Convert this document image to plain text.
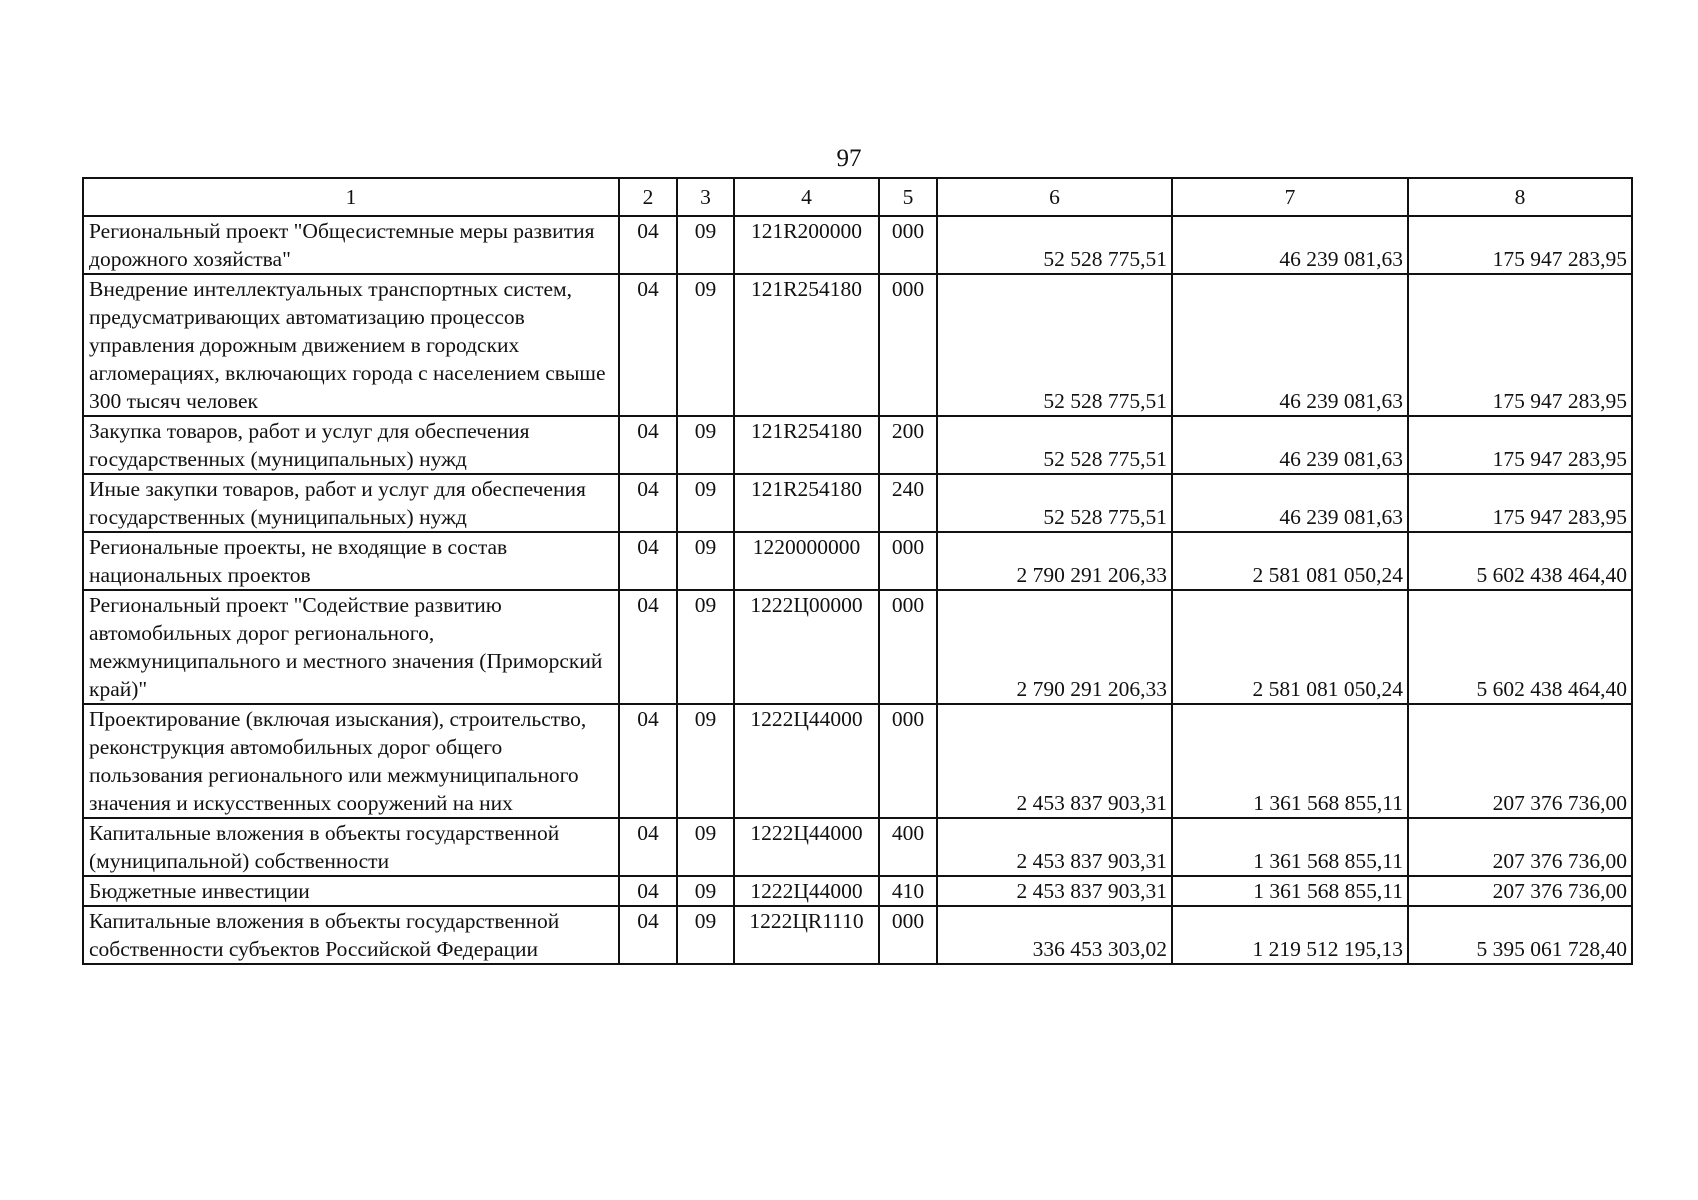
97
1	2	3	4	5	6	7	8
Региональный проект "Общесистемные меры развития дорожного хозяйства"	04	09	121R200000	000	52 528 775,51	46 239 081,63	175 947 283,95
Внедрение интеллектуальных транспортных систем, предусматривающих автоматизацию процессов управления дорожным движением в городских агломерациях, включающих города с населением свыше 300 тысяч человек	04	09	121R254180	000	52 528 775,51	46 239 081,63	175 947 283,95
Закупка товаров, работ и услуг для обеспечения государственных (муниципальных) нужд	04	09	121R254180	200	52 528 775,51	46 239 081,63	175 947 283,95
Иные закупки товаров, работ и услуг для обеспечения государственных (муниципальных) нужд	04	09	121R254180	240	52 528 775,51	46 239 081,63	175 947 283,95
Региональные проекты, не входящие в состав национальных проектов	04	09	1220000000	000	2 790 291 206,33	2 581 081 050,24	5 602 438 464,40
Региональный проект "Содействие развитию автомобильных дорог регионального, межмуниципального и местного значения (Приморский край)"	04	09	1222Ц00000	000	2 790 291 206,33	2 581 081 050,24	5 602 438 464,40
Проектирование (включая изыскания), строительство, реконструкция автомобильных дорог общего пользования регионального или межмуниципального значения и искусственных сооружений на них	04	09	1222Ц44000	000	2 453 837 903,31	1 361 568 855,11	207 376 736,00
Капитальные вложения в объекты государственной (муниципальной) собственности	04	09	1222Ц44000	400	2 453 837 903,31	1 361 568 855,11	207 376 736,00
Бюджетные инвестиции	04	09	1222Ц44000	410	2 453 837 903,31	1 361 568 855,11	207 376 736,00
Капитальные вложения в объекты государственной собственности субъектов Российской Федерации	04	09	1222ЦR1110	000	336 453 303,02	1 219 512 195,13	5 395 061 728,40
